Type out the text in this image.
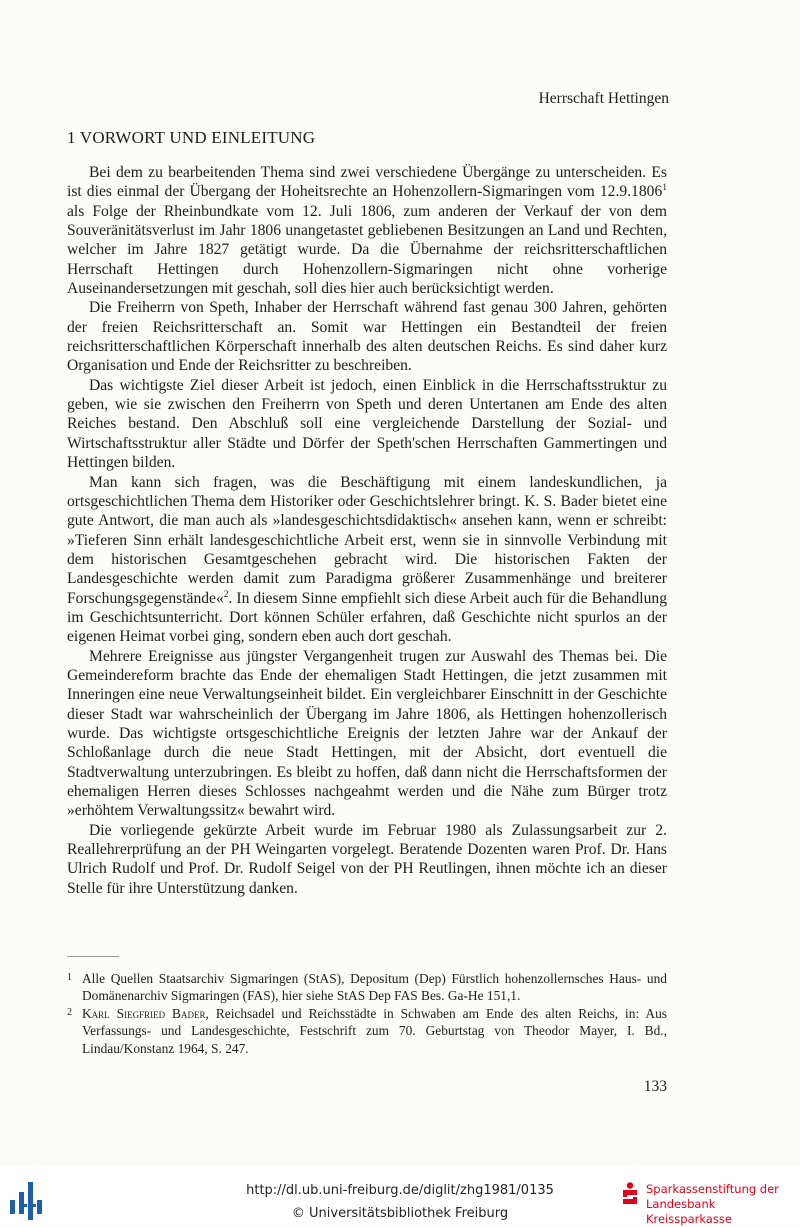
Herrschaft Hettingen
1 VORWORT UND EINLEITUNG

Bei dem zu bearbeitenden Thema sind zwei verschiedene Übergänge zu unterscheiden. Es ist dies einmal der Übergang der Hoheitsrechte an Hohenzollern-Sigmaringen vom 12.9.1806$^1$ als Folge der Rheinbundkate vom 12. Juli 1806, zum anderen der Verkauf der von dem Souveränitätsverlust im Jahr 1806 unangetastet gebliebenen Besitzungen an Land und Rechten, welcher im Jahre 1827 getätigt wurde. Da die Übernahme der reichsritterschaftlichen Herrschaft Hettingen durch Hohenzollern-Sigmaringen nicht ohne vorherige Auseinandersetzungen mit geschah, soll dies hier auch berücksichtigt werden.

Die Freiherrn von Speth, Inhaber der Herrschaft während fast genau 300 Jahren, gehörten der freien Reichsritterschaft an. Somit war Hettingen ein Bestandteil der freien reichsritterschaftlichen Körperschaft innerhalb des alten deutschen Reichs. Es sind daher kurz Organisation und Ende der Reichsritter zu beschreiben.

Das wichtigste Ziel dieser Arbeit ist jedoch, einen Einblick in die Herrschaftsstruktur zu geben, wie sie zwischen den Freiherrn von Speth und deren Untertanen am Ende des alten Reiches bestand. Den Abschluß soll eine vergleichende Darstellung der Sozial- und Wirtschaftsstruktur aller Städte und Dörfer der Speth'schen Herrschaften Gammertingen und Hettingen bilden.

Man kann sich fragen, was die Beschäftigung mit einem landeskundlichen, ja ortsgeschichtlichen Thema dem Historiker oder Geschichtslehrer bringt. K. S. Bader bietet eine gute Antwort, die man auch als »landesgeschichtsdidaktisch« ansehen kann, wenn er schreibt: »Tieferen Sinn erhält landesgeschichtliche Arbeit erst, wenn sie in sinnvolle Verbindung mit dem historischen Gesamtgeschehen gebracht wird. Die historischen Fakten der Landesgeschichte werden damit zum Paradigma größerer Zusammenhänge und breiterer Forschungsgegenstände«$^2$. In diesem Sinne empfiehlt sich diese Arbeit auch für die Behandlung im Geschichtsunterricht. Dort können Schüler erfahren, daß Geschichte nicht spurlos an der eigenen Heimat vorbei ging, sondern eben auch dort geschah.

Mehrere Ereignisse aus jüngster Vergangenheit trugen zur Auswahl des Themas bei. Die Gemeindereform brachte das Ende der ehemaligen Stadt Hettingen, die jetzt zusammen mit Inneringen eine neue Verwaltungseinheit bildet. Ein vergleichbarer Einschnitt in der Geschichte dieser Stadt war wahrscheinlich der Übergang im Jahre 1806, als Hettingen hohenzollerisch wurde. Das wichtigste ortsgeschichtliche Ereignis der letzten Jahre war der Ankauf der Schloßanlage durch die neue Stadt Hettingen, mit der Absicht, dort eventuell die Stadtverwaltung unterzubringen. Es bleibt zu hoffen, daß dann nicht die Herrschaftsformen der ehemaligen Herren dieses Schlosses nachgeahmt werden und die Nähe zum Bürger trotz »erhöhtem Verwaltungssitz« bewahrt wird.

Die vorliegende gekürzte Arbeit wurde im Februar 1980 als Zulassungsarbeit zur 2. Reallehrerprüfung an der PH Weingarten vorgelegt. Beratende Dozenten waren Prof. Dr. Hans Ulrich Rudolf und Prof. Dr. Rudolf Seigel von der PH Reutlingen, ihnen möchte ich an dieser Stelle für ihre Unterstützung danken.

1 Alle Quellen Staatsarchiv Sigmaringen (StAS), Depositum (Dep) Fürstlich hohenzollernsches Haus- und Domänenarchiv Sigmaringen (FAS), hier siehe StAS Dep FAS Bes. Ga-He 151,1.

2 Karl Siegfried Bader, Reichsadel und Reichsstädte in Schwaben am Ende des alten Reichs, in: Aus Verfassungs- und Landesgeschichte, Festschrift zum 70. Geburtstag von Theodor Mayer, I. Bd., Lindau/Konstanz 1964, S. 247.

133
http://dl.ub.uni-freiburg.de/diglit/zhg1981/0135
© Universitätsbibliothek Freiburg
Sparkassenstiftung der
Landesbank Kreissparkasse
